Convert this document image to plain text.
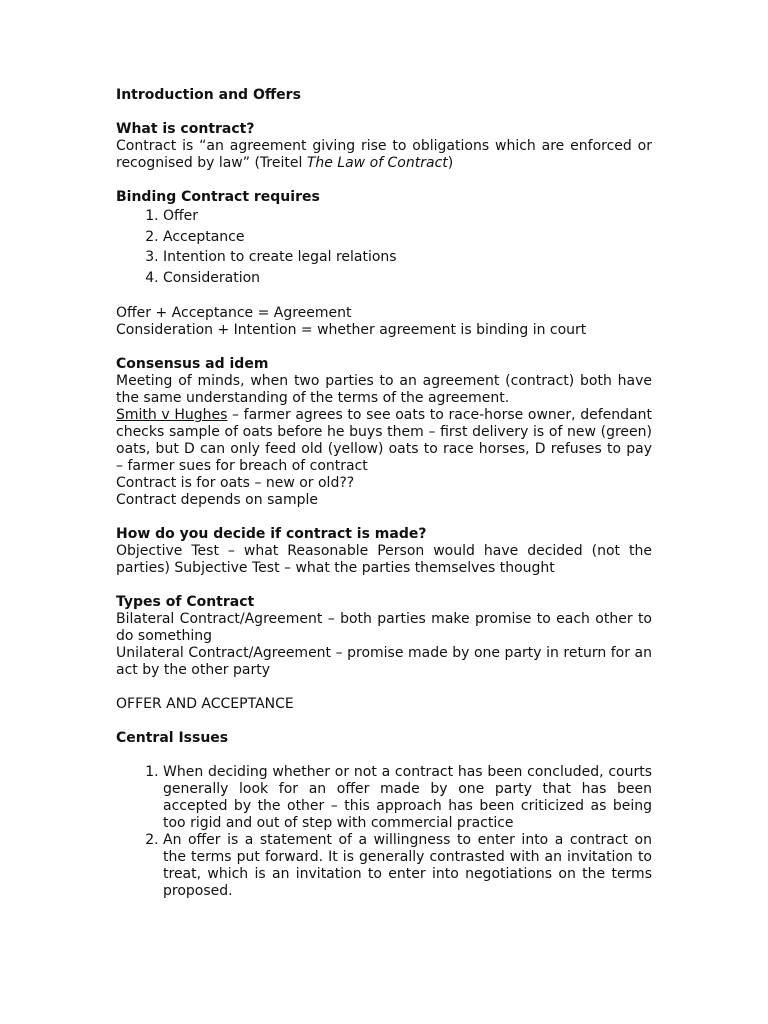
Introduction and Offers

What is contract?

Contract is “an agreement giving rise to obligations which are enforced or recognised by law” (Treitel The Law of Contract)

Binding Contract requires

1. Offer
2. Acceptance
3. Intention to create legal relations
4. Consideration

Offer + Acceptance = Agreement

Consideration + Intention = whether agreement is binding in court

Consensus ad idem

Meeting of minds, when two parties to an agreement (contract) both have the same understanding of the terms of the agreement.

Smith v Hughes – farmer agrees to see oats to race-horse owner, defendant checks sample of oats before he buys them – first delivery is of new (green) oats, but D can only feed old (yellow) oats to race horses, D refuses to pay – farmer sues for breach of contract

Contract is for oats – new or old??

Contract depends on sample

How do you decide if contract is made?

Objective Test – what Reasonable Person would have decided (not the parties) Subjective Test – what the parties themselves thought

Types of Contract

Bilateral Contract/Agreement – both parties make promise to each other to do something

Unilateral Contract/Agreement – promise made by one party in return for an act by the other party

OFFER AND ACCEPTANCE

Central Issues

1. When deciding whether or not a contract has been concluded, courts generally look for an offer made by one party that has been accepted by the other – this approach has been criticized as being too rigid and out of step with commercial practice
2. An offer is a statement of a willingness to enter into a contract on the terms put forward. It is generally contrasted with an invitation to treat, which is an invitation to enter into negotiations on the terms proposed.
